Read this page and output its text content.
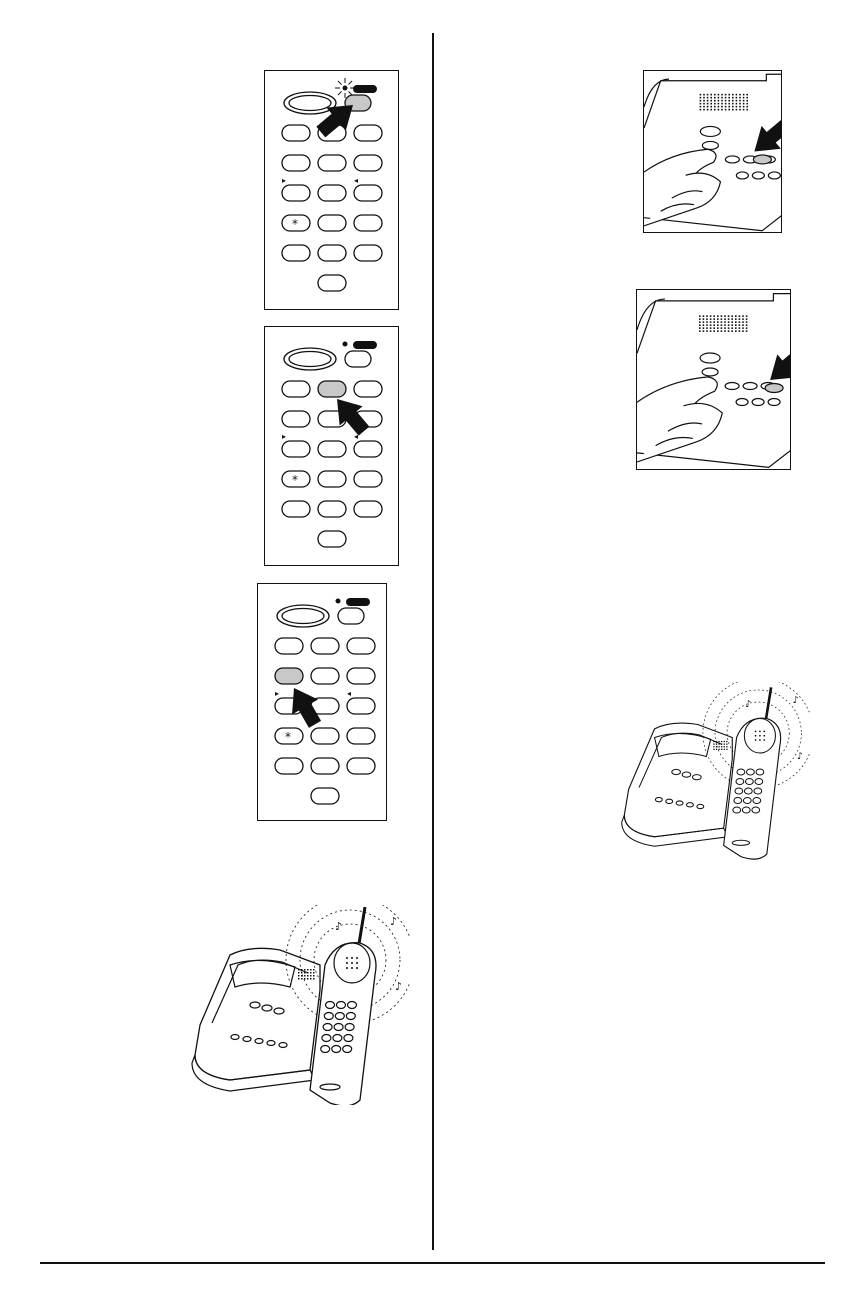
▸	◂
*
▸	◂
*
▸	◂
*
♪	♪
♪
♪	♪
♪
